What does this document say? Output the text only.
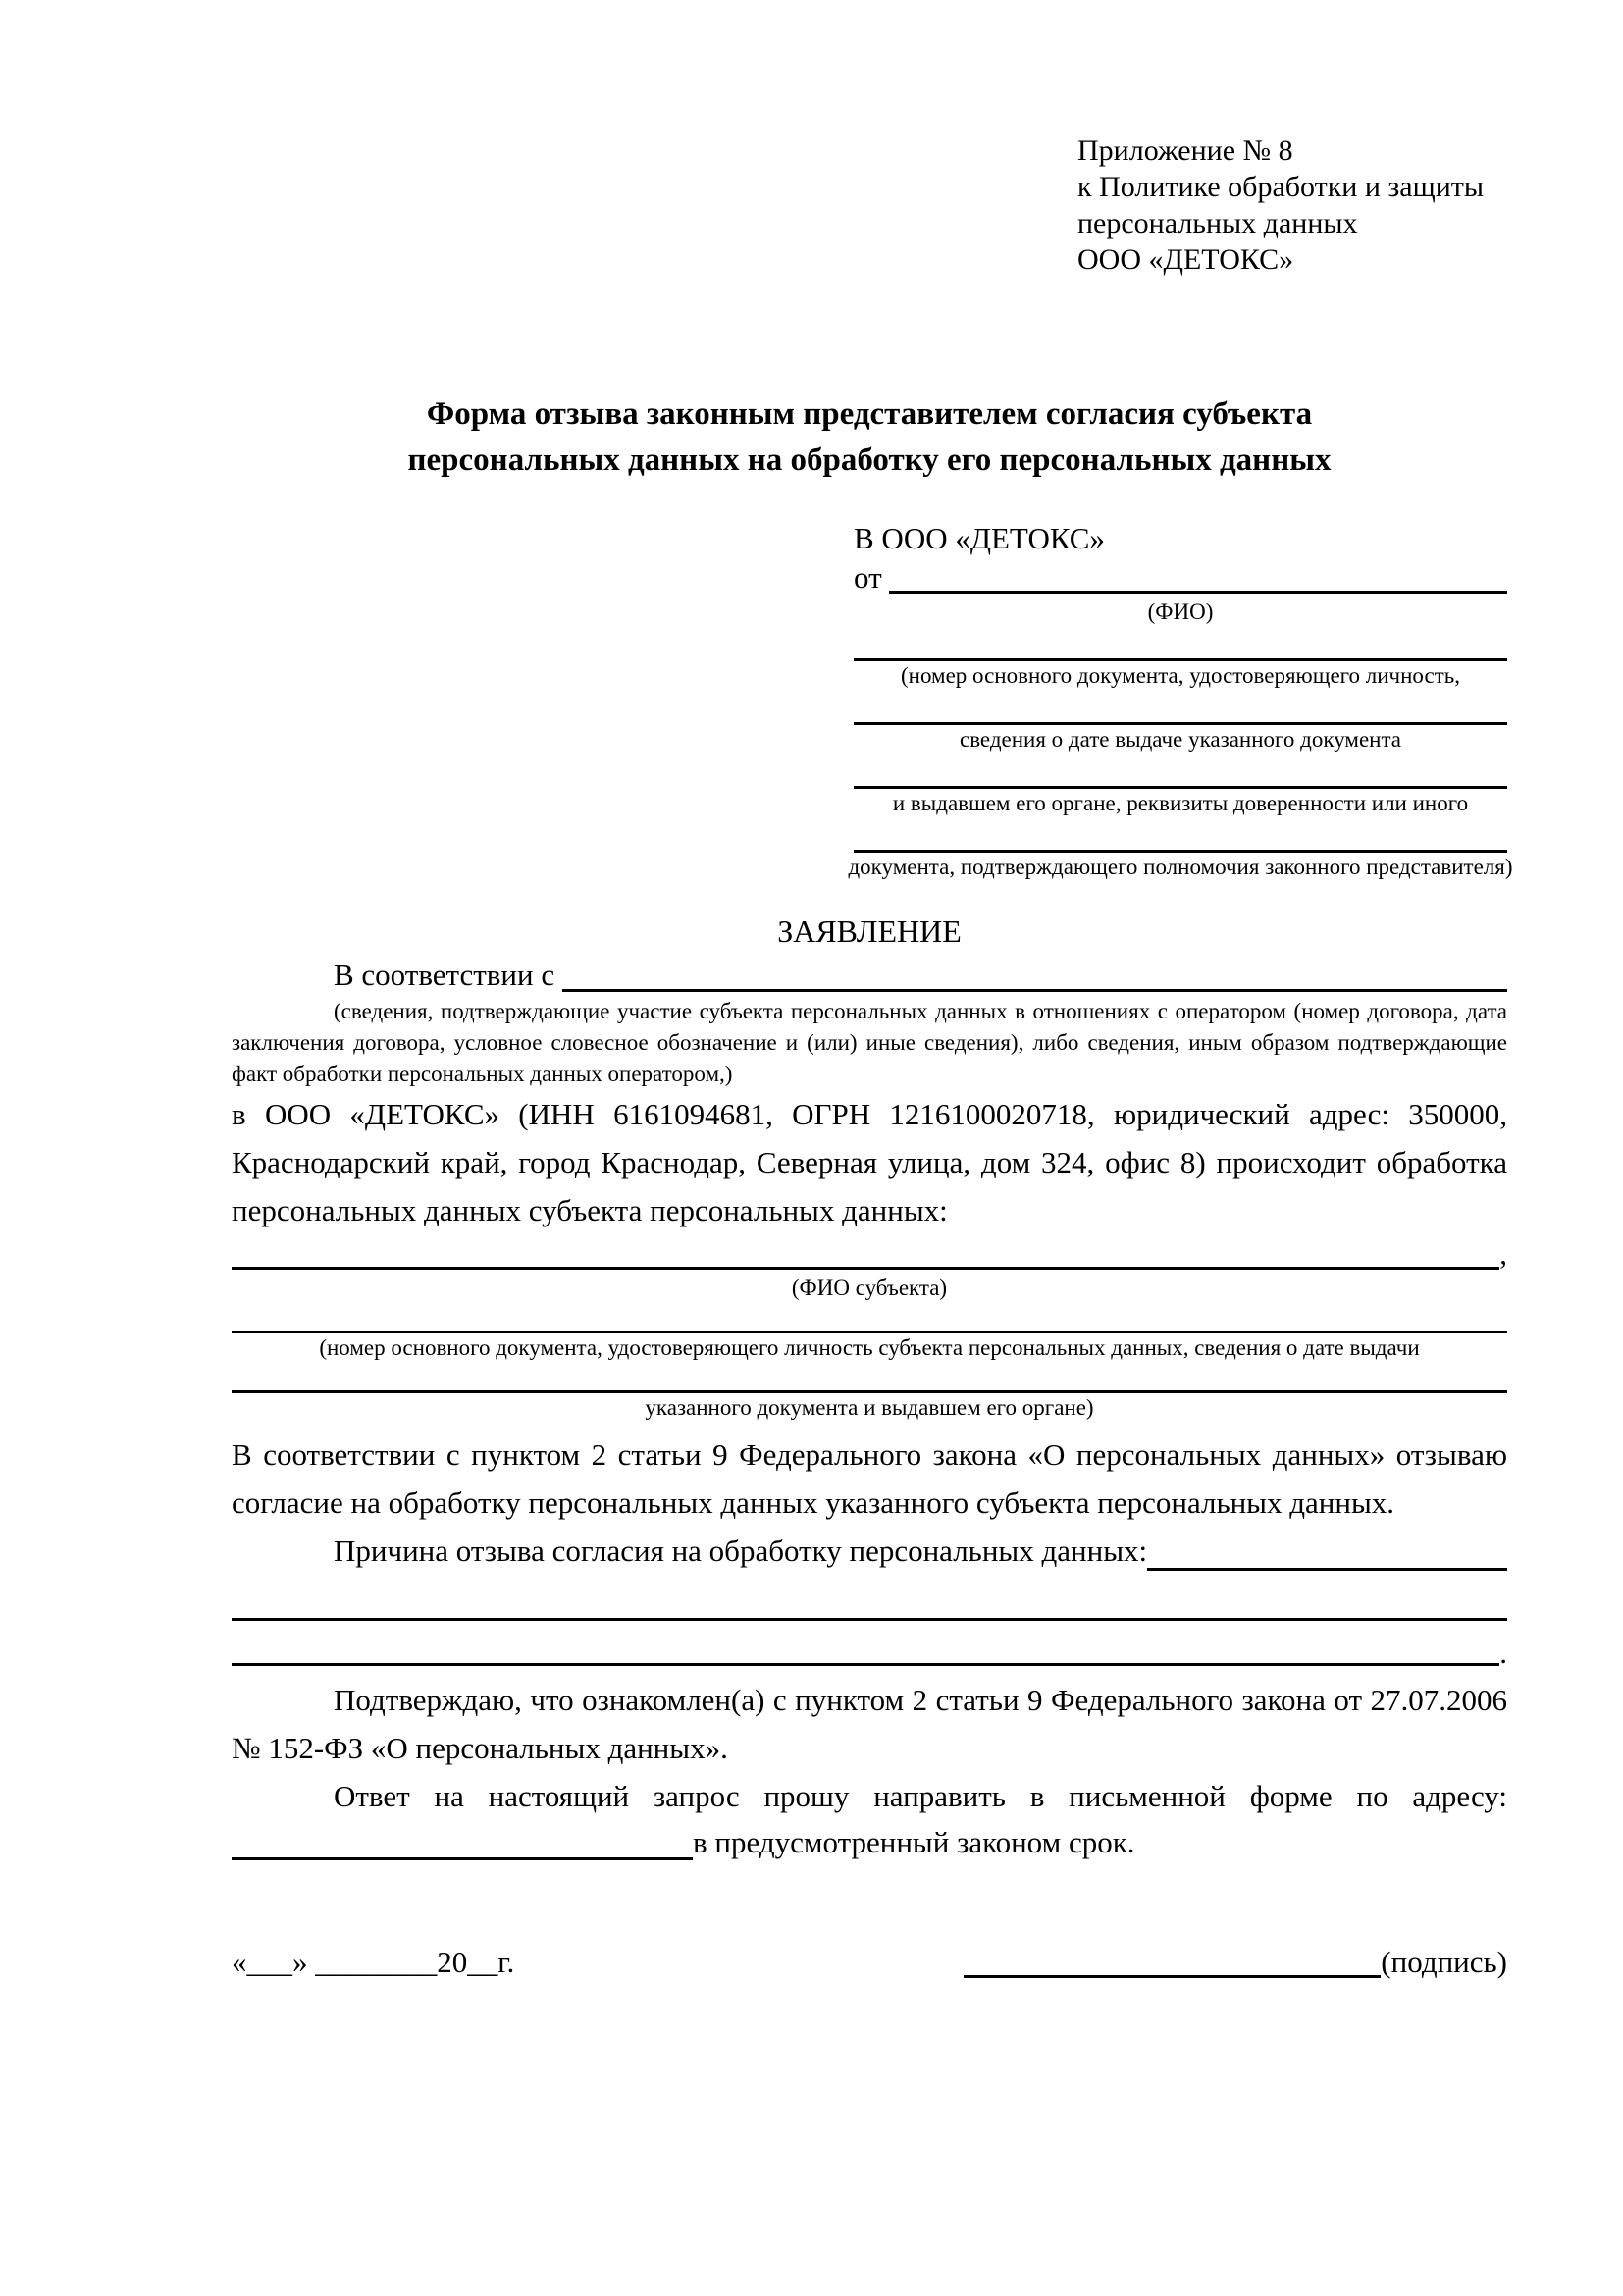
Приложение № 8
к Политике обработки и защиты
персональных данных
ООО «ДЕТОКС»
Форма отзыва законным представителем согласия субъекта
персональных данных на обработку его персональных данных
В ООО «ДЕТОКС»
от
(ФИО)
(номер основного документа, удостоверяющего личность,
сведения о дате выдаче указанного документа
и выдавшем его органе, реквизиты доверенности или иного
документа, подтверждающего полномочия законного представителя)
ЗАЯВЛЕНИЕ
В соответствии с
(сведения, подтверждающие участие субъекта персональных данных в отношениях с оператором (номер договора, дата заключения договора, условное словесное обозначение и (или) иные сведения), либо сведения, иным образом подтверждающие факт обработки персональных данных оператором,)
в ООО «ДЕТОКС» (ИНН 6161094681, ОГРН 1216100020718, юридический адрес: 350000, Краснодарский край, город Краснодар, Северная улица, дом 324, офис 8) происходит обработка персональных данных субъекта персональных данных:
,
(ФИО субъекта)
(номер основного документа, удостоверяющего личность субъекта персональных данных, сведения о дате выдачи
указанного документа и выдавшем его органе)
В соответствии с пунктом 2 статьи 9 Федерального закона «О персональных данных» отзываю согласие на обработку персональных данных указанного субъекта персональных данных.
Причина отзыва согласия на обработку персональных данных:
.
Подтверждаю, что ознакомлен(а) с пунктом 2 статьи 9 Федерального закона от 27.07.2006 № 152-ФЗ «О персональных данных».
Ответ на настоящий запрос прошу направить в письменной форме по адресу:
в предусмотренный законом срок.
«___» ________20__г.	(подпись)
